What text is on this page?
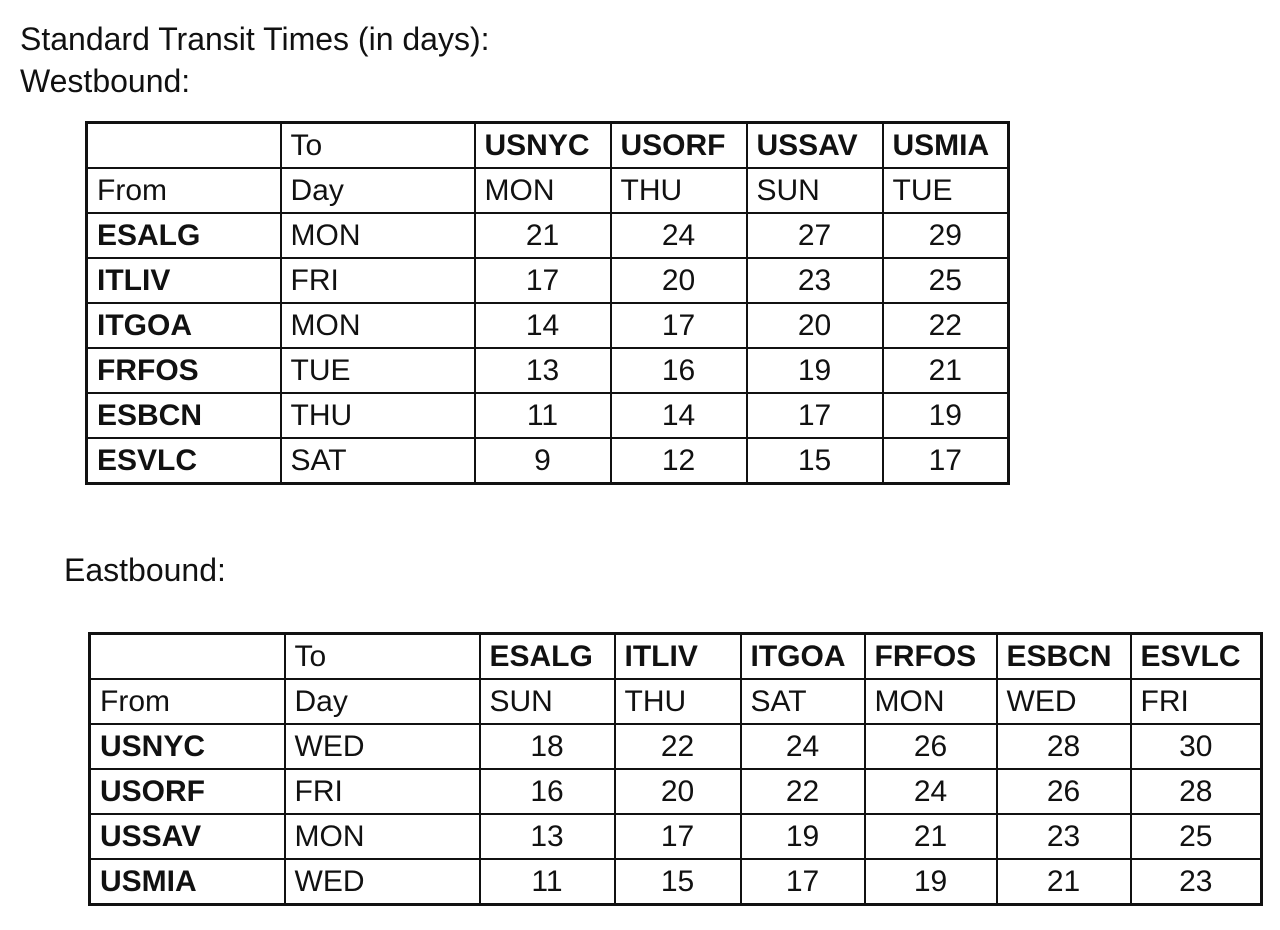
Standard Transit Times (in days):
Westbound:
	To	USNYC	USORF	USSAV	USMIA
From	Day	MON	THU	SUN	TUE
ESALG	MON	21	24	27	29
ITLIV	FRI	17	20	23	25
ITGOA	MON	14	17	20	22
FRFOS	TUE	13	16	19	21
ESBCN	THU	11	14	17	19
ESVLC	SAT	9	12	15	17
Eastbound:
	To	ESALG	ITLIV	ITGOA	FRFOS	ESBCN	ESVLC
From	Day	SUN	THU	SAT	MON	WED	FRI
USNYC	WED	18	22	24	26	28	30
USORF	FRI	16	20	22	24	26	28
USSAV	MON	13	17	19	21	23	25
USMIA	WED	11	15	17	19	21	23
